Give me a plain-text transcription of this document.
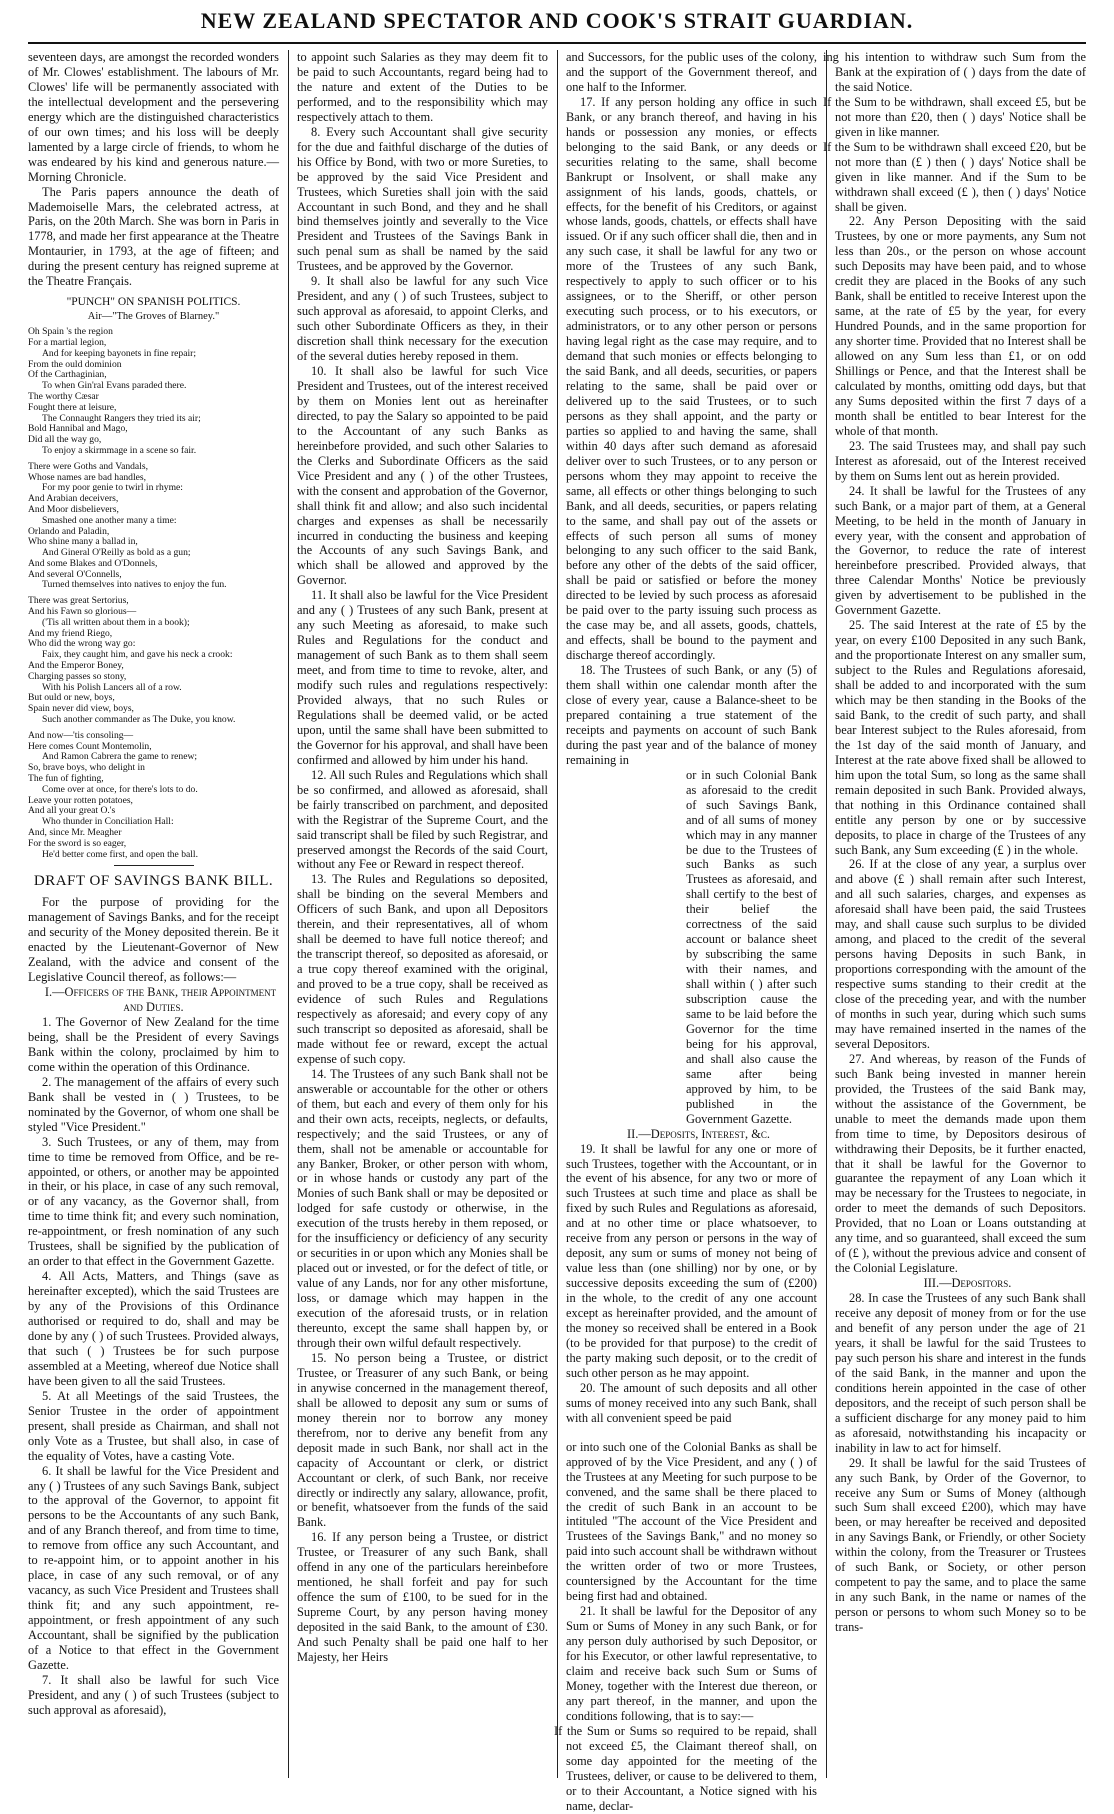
NEW ZEALAND SPECTATOR AND COOK'S STRAIT GUARDIAN.

seventeen days, are amongst the recorded wonders of Mr. Clowes' establishment. The labours of Mr. Clowes' life will be permanently associated with the intellectual development and the persevering energy which are the distinguished characteristics of our own times; and his loss will be deeply lamented by a large circle of friends, to whom he was endeared by his kind and generous nature.—Morning Chronicle.

The Paris papers announce the death of Mademoiselle Mars, the celebrated actress, at Paris, on the 20th March. She was born in Paris in 1778, and made her first appearance at the Theatre Montaurier, in 1793, at the age of fifteen; and during the present century has reigned supreme at the Theatre Français.

"PUNCH" ON SPANISH POLITICS.
Air—"The Groves of Blarney."
Oh Spain 's the region
For a martial legion,
And for keeping bayonets in fine repair;
From the ould dominion
Of the Carthaginian,
To when Gin'ral Evans paraded there.
The worthy Cæsar
Fought there at leisure,
The Connaught Rangers they tried its air;
Bold Hannibal and Mago,
Did all the way go,
To enjoy a skirmmage in a scene so fair.
There were Goths and Vandals,
Whose names are bad handles,
For my poor genie to twirl in rhyme:
And Arabian deceivers,
And Moor disbelievers,
Smashed one another many a time:
Orlando and Paladin,
Who shine many a ballad in,
And Gineral O'Reilly as bold as a gun;
And some Blakes and O'Donnels,
And several O'Connells,
Turned themselves into natives to enjoy the fun.
There was great Sertorius,
And his Fawn so glorious—
('Tis all written about them in a book);
And my friend Riego,
Who did the wrong way go:
Faix, they caught him, and gave his neck a crook:
And the Emperor Boney,
Charging passes so stony,
With his Polish Lancers all of a row.
But ould or new, boys,
Spain never did view, boys,
Such another commander as The Duke, you know.
And now—'tis consoling—
Here comes Count Montemolin,
And Ramon Cabrera the game to renew;
So, brave boys, who delight in
The fun of fighting,
Come over at once, for there's lots to do.
Leave your rotten potatoes,
And all your great O.'s
Who thunder in Conciliation Hall:
And, since Mr. Meagher
For the sword is so eager,
He'd better come first, and open the ball.
DRAFT OF SAVINGS BANK BILL.

For the purpose of providing for the management of Savings Banks, and for the receipt and security of the Money deposited therein. Be it enacted by the Lieutenant-Governor of New Zealand, with the advice and consent of the Legislative Council thereof, as follows:—

I.—Officers of the Bank, their Appointment and Duties.

1. The Governor of New Zealand for the time being, shall be the President of every Savings Bank within the colony, proclaimed by him to come within the operation of this Ordinance.

2. The management of the affairs of every such Bank shall be vested in ( ) Trustees, to be nominated by the Governor, of whom one shall be styled "Vice President."

3. Such Trustees, or any of them, may from time to time be removed from Office, and be re-appointed, or others, or another may be appointed in their, or his place, in case of any such removal, or of any vacancy, as the Governor shall, from time to time think fit; and every such nomination, re-appointment, or fresh nomination of any such Trustees, shall be signified by the publication of an order to that effect in the Government Gazette.

4. All Acts, Matters, and Things (save as hereinafter excepted), which the said Trustees are by any of the Provisions of this Ordinance authorised or required to do, shall and may be done by any ( ) of such Trustees. Provided always, that such ( ) Trustees be for such purpose assembled at a Meeting, whereof due Notice shall have been given to all the said Trustees.

5. At all Meetings of the said Trustees, the Senior Trustee in the order of appointment present, shall preside as Chairman, and shall not only Vote as a Trustee, but shall also, in case of the equality of Votes, have a casting Vote.

6. It shall be lawful for the Vice President and any ( ) Trustees of any such Savings Bank, subject to the approval of the Governor, to appoint fit persons to be the Accountants of any such Bank, and of any Branch thereof, and from time to time, to remove from office any such Accountant, and to re-appoint him, or to appoint another in his place, in case of any such removal, or of any vacancy, as such Vice President and Trustees shall think fit; and any such appointment, re-appointment, or fresh appointment of any such Accountant, shall be signified by the publication of a Notice to that effect in the Government Gazette.

7. It shall also be lawful for such Vice President, and any ( ) of such Trustees (subject to such approval as aforesaid),

to appoint such Salaries as they may deem fit to be paid to such Accountants, regard being had to the nature and extent of the Duties to be performed, and to the responsibility which may respectively attach to them.

8. Every such Accountant shall give security for the due and faithful discharge of the duties of his Office by Bond, with two or more Sureties, to be approved by the said Vice President and Trustees, which Sureties shall join with the said Accountant in such Bond, and they and he shall bind themselves jointly and severally to the Vice President and Trustees of the Savings Bank in such penal sum as shall be named by the said Trustees, and be approved by the Governor.

9. It shall also be lawful for any such Vice President, and any ( ) of such Trustees, subject to such approval as aforesaid, to appoint Clerks, and such other Subordinate Officers as they, in their discretion shall think necessary for the execution of the several duties hereby reposed in them.

10. It shall also be lawful for such Vice President and Trustees, out of the interest received by them on Monies lent out as hereinafter directed, to pay the Salary so appointed to be paid to the Accountant of any such Banks as hereinbefore provided, and such other Salaries to the Clerks and Subordinate Officers as the said Vice President and any ( ) of the other Trustees, with the consent and approbation of the Governor, shall think fit and allow; and also such incidental charges and expenses as shall be necessarily incurred in conducting the business and keeping the Accounts of any such Savings Bank, and which shall be allowed and approved by the Governor.

11. It shall also be lawful for the Vice President and any ( ) Trustees of any such Bank, present at any such Meeting as aforesaid, to make such Rules and Regulations for the conduct and management of such Bank as to them shall seem meet, and from time to time to revoke, alter, and modify such rules and regulations respectively: Provided always, that no such Rules or Regulations shall be deemed valid, or be acted upon, until the same shall have been submitted to the Governor for his approval, and shall have been confirmed and allowed by him under his hand.

12. All such Rules and Regulations which shall be so confirmed, and allowed as aforesaid, shall be fairly transcribed on parchment, and deposited with the Registrar of the Supreme Court, and the said transcript shall be filed by such Registrar, and preserved amongst the Records of the said Court, without any Fee or Reward in respect thereof.

13. The Rules and Regulations so deposited, shall be binding on the several Members and Officers of such Bank, and upon all Depositors therein, and their representatives, all of whom shall be deemed to have full notice thereof; and the transcript thereof, so deposited as aforesaid, or a true copy thereof examined with the original, and proved to be a true copy, shall be received as evidence of such Rules and Regulations respectively as aforesaid; and every copy of any such transcript so deposited as aforesaid, shall be made without fee or reward, except the actual expense of such copy.

14. The Trustees of any such Bank shall not be answerable or accountable for the other or others of them, but each and every of them only for his and their own acts, receipts, neglects, or defaults, respectively; and the said Trustees, or any of them, shall not be amenable or accountable for any Banker, Broker, or other person with whom, or in whose hands or custody any part of the Monies of such Bank shall or may be deposited or lodged for safe custody or otherwise, in the execution of the trusts hereby in them reposed, or for the insufficiency or deficiency of any security or securities in or upon which any Monies shall be placed out or invested, or for the defect of title, or value of any Lands, nor for any other misfortune, loss, or damage which may happen in the execution of the aforesaid trusts, or in relation thereunto, except the same shall happen by, or through their own wilful default respectively.

15. No person being a Trustee, or district Trustee, or Treasurer of any such Bank, or being in anywise concerned in the management thereof, shall be allowed to deposit any sum or sums of money therein nor to borrow any money therefrom, nor to derive any benefit from any deposit made in such Bank, nor shall act in the capacity of Accountant or clerk, or district Accountant or clerk, of such Bank, nor receive directly or indirectly any salary, allowance, profit, or benefit, whatsoever from the funds of the said Bank.

16. If any person being a Trustee, or district Trustee, or Treasurer of any such Bank, shall offend in any one of the particulars hereinbefore mentioned, he shall forfeit and pay for such offence the sum of £100, to be sued for in the Supreme Court, by any person having money deposited in the said Bank, to the amount of £30. And such Penalty shall be paid one half to her Majesty, her Heirs

and Successors, for the public uses of the colony, and the support of the Government thereof, and one half to the Informer.

17. If any person holding any office in such Bank, or any branch thereof, and having in his hands or possession any monies, or effects belonging to the said Bank, or any deeds or securities relating to the same, shall become Bankrupt or Insolvent, or shall make any assignment of his lands, goods, chattels, or effects, for the benefit of his Creditors, or against whose lands, goods, chattels, or effects shall have issued. Or if any such officer shall die, then and in any such case, it shall be lawful for any two or more of the Trustees of any such Bank, respectively to apply to such officer or to his assignees, or to the Sheriff, or other person executing such process, or to his executors, or administrators, or to any other person or persons having legal right as the case may require, and to demand that such monies or effects belonging to the said Bank, and all deeds, securities, or papers relating to the same, shall be paid over or delivered up to the said Trustees, or to such persons as they shall appoint, and the party or parties so applied to and having the same, shall within 40 days after such demand as aforesaid deliver over to such Trustees, or to any person or persons whom they may appoint to receive the same, all effects or other things belonging to such Bank, and all deeds, securities, or papers relating to the same, and shall pay out of the assets or effects of such person all sums of money belonging to any such officer to the said Bank, before any other of the debts of the said officer, shall be paid or satisfied or before the money directed to be levied by such process as aforesaid be paid over to the party issuing such process as the case may be, and all assets, goods, chattels, and effects, shall be bound to the payment and discharge thereof accordingly.

18. The Trustees of such Bank, or any (5) of them shall within one calendar month after the close of every year, cause a Balance-sheet to be prepared containing a true statement of the receipts and payments on account of such Bank during the past year and of the balance of money remaining in

or in such Colonial Bank as aforesaid to the credit of such Savings Bank, and of all sums of money which may in any manner be due to the Trustees of such Banks as such Trustees as aforesaid, and shall certify to the best of their belief the correctness of the said account or balance sheet by subscribing the same with their names, and shall within ( ) after such subscription cause the same to be laid before the Governor for the time being for his approval, and shall also cause the same after being approved by him, to be published in the Government Gazette.

II.—Deposits, Interest, &c.

19. It shall be lawful for any one or more of such Trustees, together with the Accountant, or in the event of his absence, for any two or more of such Trustees at such time and place as shall be fixed by such Rules and Regulations as aforesaid, and at no other time or place whatsoever, to receive from any person or persons in the way of deposit, any sum or sums of money not being of value less than (one shilling) nor by one, or by successive deposits exceeding the sum of (£200) in the whole, to the credit of any one account except as hereinafter provided, and the amount of the money so received shall be entered in a Book (to be provided for that purpose) to the credit of the party making such deposit, or to the credit of such other person as he may appoint.

20. The amount of such deposits and all other sums of money received into any such Bank, shall with all convenient speed be paid

or into such one of the Colonial Banks as shall be approved of by the Vice President, and any ( ) of the Trustees at any Meeting for such purpose to be convened, and the same shall be there placed to the credit of such Bank in an account to be intituled "The account of the Vice President and Trustees of the Savings Bank," and no money so paid into such account shall be withdrawn without the written order of two or more Trustees, countersigned by the Accountant for the time being first had and obtained.

21. It shall be lawful for the Depositor of any Sum or Sums of Money in any such Bank, or for any person duly authorised by such Depositor, or for his Executor, or other lawful representative, to claim and receive back such Sum or Sums of Money, together with the Interest due thereon, or any part thereof, in the manner, and upon the conditions following, that is to say:—

If the Sum or Sums so required to be repaid, shall not exceed £5, the Claimant thereof shall, on some day appointed for the meeting of the Trustees, deliver, or cause to be delivered to them, or to their Accountant, a Notice signed with his name, declar-

ing his intention to withdraw such Sum from the Bank at the expiration of ( ) days from the date of the said Notice.

If the Sum to be withdrawn, shall exceed £5, but be not more than £20, then ( ) days' Notice shall be given in like manner.

If the Sum to be withdrawn shall exceed £20, but be not more than (£ ) then ( ) days' Notice shall be given in like manner. And if the Sum to be withdrawn shall exceed (£ ), then ( ) days' Notice shall be given.

22. Any Person Depositing with the said Trustees, by one or more payments, any Sum not less than 20s., or the person on whose account such Deposits may have been paid, and to whose credit they are placed in the Books of any such Bank, shall be entitled to receive Interest upon the same, at the rate of £5 by the year, for every Hundred Pounds, and in the same proportion for any shorter time. Provided that no Interest shall be allowed on any Sum less than £1, or on odd Shillings or Pence, and that the Interest shall be calculated by months, omitting odd days, but that any Sums deposited within the first 7 days of a month shall be entitled to bear Interest for the whole of that month.

23. The said Trustees may, and shall pay such Interest as aforesaid, out of the Interest received by them on Sums lent out as herein provided.

24. It shall be lawful for the Trustees of any such Bank, or a major part of them, at a General Meeting, to be held in the month of January in every year, with the consent and approbation of the Governor, to reduce the rate of interest hereinbefore prescribed. Provided always, that three Calendar Months' Notice be previously given by advertisement to be published in the Government Gazette.

25. The said Interest at the rate of £5 by the year, on every £100 Deposited in any such Bank, and the proportionate Interest on any smaller sum, subject to the Rules and Regulations aforesaid, shall be added to and incorporated with the sum which may be then standing in the Books of the said Bank, to the credit of such party, and shall bear Interest subject to the Rules aforesaid, from the 1st day of the said month of January, and Interest at the rate above fixed shall be allowed to him upon the total Sum, so long as the same shall remain deposited in such Bank. Provided always, that nothing in this Ordinance contained shall entitle any person by one or by successive deposits, to place in charge of the Trustees of any such Bank, any Sum exceeding (£ ) in the whole.

26. If at the close of any year, a surplus over and above (£ ) shall remain after such Interest, and all such salaries, charges, and expenses as aforesaid shall have been paid, the said Trustees may, and shall cause such surplus to be divided among, and placed to the credit of the several persons having Deposits in such Bank, in proportions corresponding with the amount of the respective sums standing to their credit at the close of the preceding year, and with the number of months in such year, during which such sums may have remained inserted in the names of the several Depositors.

27. And whereas, by reason of the Funds of such Bank being invested in manner herein provided, the Trustees of the said Bank may, without the assistance of the Government, be unable to meet the demands made upon them from time to time, by Depositors desirous of withdrawing their Deposits, be it further enacted, that it shall be lawful for the Governor to guarantee the repayment of any Loan which it may be necessary for the Trustees to negociate, in order to meet the demands of such Depositors. Provided, that no Loan or Loans outstanding at any time, and so guaranteed, shall exceed the sum of (£ ), without the previous advice and consent of the Colonial Legislature.

III.—Depositors.

28. In case the Trustees of any such Bank shall receive any deposit of money from or for the use and benefit of any person under the age of 21 years, it shall be lawful for the said Trustees to pay such person his share and interest in the funds of the said Bank, in the manner and upon the conditions herein appointed in the case of other depositors, and the receipt of such person shall be a sufficient discharge for any money paid to him as aforesaid, notwithstanding his incapacity or inability in law to act for himself.

29. It shall be lawful for the said Trustees of any such Bank, by Order of the Governor, to receive any Sum or Sums of Money (although such Sum shall exceed £200), which may have been, or may hereafter be received and deposited in any Savings Bank, or Friendly, or other Society within the colony, from the Treasurer or Trustees of such Bank, or Society, or other person competent to pay the same, and to place the same in any such Bank, in the name or names of the person or persons to whom such Money so to be trans-
